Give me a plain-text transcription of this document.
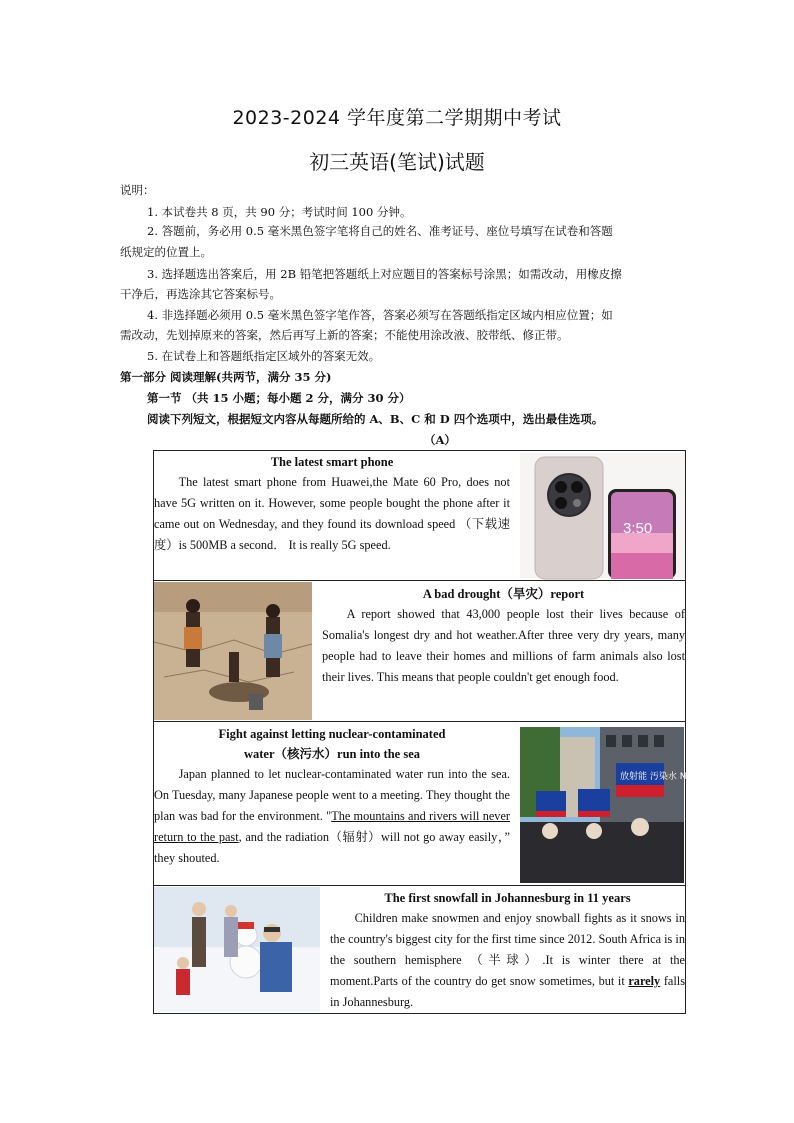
2023-2024 学年度第二学期期中考试
初三英语(笔试)试题
说明：
1. 本试卷共 8 页，共 90 分；考试时间 100 分钟。
2. 答题前，务必用 0.5 毫米黑色签字笔将自己的姓名、准考证号、座位号填写在试卷和答题
纸规定的位置上。
3. 选择题选出答案后，用 2B 铅笔把答题纸上对应题目的答案标号涂黑；如需改动，用橡皮擦
干净后，再选涂其它答案标号。
4. 非选择题必须用 0.5 毫米黑色签字笔作答，答案必须写在答题纸指定区域内相应位置；如
需改动，先划掉原来的答案，然后再写上新的答案；不能使用涂改液、胶带纸、修正带。
5. 在试卷上和答题纸指定区域外的答案无效。
第一部分 阅读理解(共两节，满分 35 分)
第一节 （共 15 小题；每小题 2 分，满分 30 分）
阅读下列短文，根据短文内容从每题所给的 A、B、C 和 D 四个选项中，选出最佳选项。
（A）

The latest smart phone

The latest smart phone from Huawei,the Mate 60 Pro, does not have 5G written on it. However, some people bought the phone after it came out on Wednesday, and they found its download speed （下载速度）is 500MB a second． It is really 5G speed.

3:50

A bad drought（旱灾）report

A report showed that 43,000 people lost their lives because of Somalia's longest dry and hot weather.After three very dry years, many people had to leave their homes and millions of farm animals also lost their lives. This means that people couldn't get enough food.

Fight against letting nuclear-contaminated

water（核污水）run into the sea

Japan planned to let nuclear-contaminated water run into the sea. On Tuesday, many Japanese people went to a meeting. They thought the plan was bad for the environment. "The mountains and rivers will never return to the past, and the radiation（辐射）will not go away easily，” they shouted.

放射能 汚染水 No

The first snowfall in Johannesburg in 11 years

Children make snowmen and enjoy snowball fights as it snows in the country's biggest city for the first time since 2012. South Africa is in the southern hemisphere （半球）.It is winter there at the moment.Parts of the country do get snow sometimes, but it rarely falls in Johannesburg.
